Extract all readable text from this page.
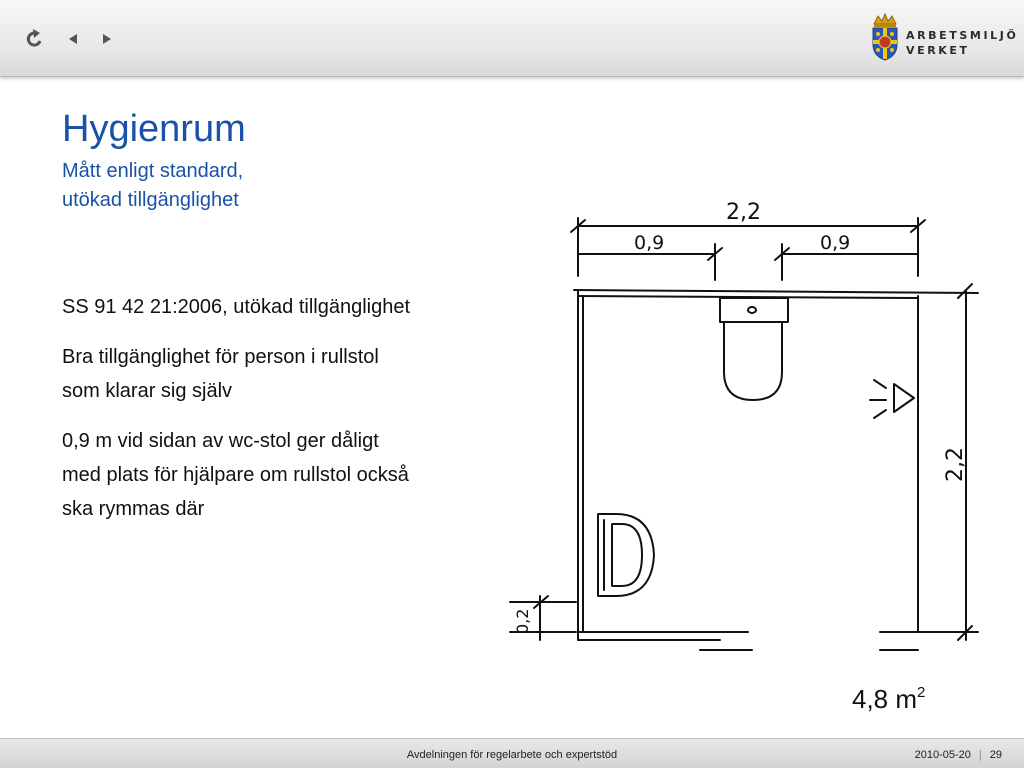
ARBETSMILJÖ
VERKET
Hygienrum
Mått enligt standard,
utökad tillgänglighet

SS 91 42 21:2006, utökad tillgänglighet

Bra tillgänglighet för person i rullstol
som klarar sig själv

0,9 m vid sidan av wc-stol ger dåligt
med plats för hjälpare om rullstol också
ska rymmas där

2,2
0,9	0,9
2,2
0,2
4,8 $m^2$
Avdelningen för regelarbete och expertstöd	2010-05-20 | 29
